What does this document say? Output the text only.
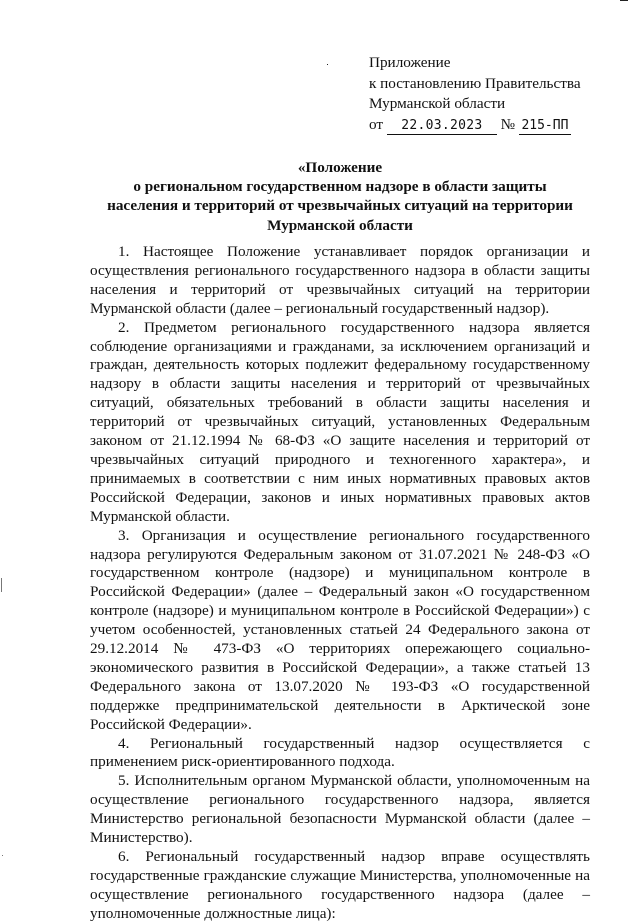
Приложение
к постановлению Правительства
Мурманской области
от 22.03.2023 № 215-ПП
«Положение
о региональном государственном надзоре в области защиты
населения и территорий от чрезвычайных ситуаций на территории
Мурманской области

1. Настоящее Положение устанавливает порядок организации и осуществления регионального государственного надзора в области защиты населения и территорий от чрезвычайных ситуаций на территории Мурманской области (далее – региональный государственный надзор).

2. Предметом регионального государственного надзора является соблюдение организациями и гражданами, за исключением организаций и граждан, деятельность которых подлежит федеральному государственному надзору в области защиты населения и территорий от чрезвычайных ситуаций, обязательных требований в области защиты населения и территорий от чрезвычайных ситуаций, установленных Федеральным законом от 21.12.1994 № 68-ФЗ «О защите населения и территорий от чрезвычайных ситуаций природного и техногенного характера», и принимаемых в соответствии с ним иных нормативных правовых актов Российской Федерации, законов и иных нормативных правовых актов Мурманской области.

3. Организация и осуществление регионального государственного надзора регулируются Федеральным законом от 31.07.2021 № 248-ФЗ «О государственном контроле (надзоре) и муниципальном контроле в Российской Федерации» (далее – Федеральный закон «О государственном контроле (надзоре) и муниципальном контроле в Российской Федерации») с учетом особенностей, установленных статьей 24 Федерального закона от 29.12.2014 № 473-ФЗ «О территориях опережающего социально-экономического развития в Российской Федерации», а также статьей 13 Федерального закона от 13.07.2020 № 193-ФЗ «О государственной поддержке предпринимательской деятельности в Арктической зоне Российской Федерации».

4. Региональный государственный надзор осуществляется с применением риск-ориентированного подхода.

5. Исполнительным органом Мурманской области, уполномоченным на осуществление регионального государственного надзора, является Министерство региональной безопасности Мурманской области (далее – Министерство).

6. Региональный государственный надзор вправе осуществлять государственные гражданские служащие Министерства, уполномоченные на осуществление регионального государственного надзора (далее – уполномоченные должностные лица):
